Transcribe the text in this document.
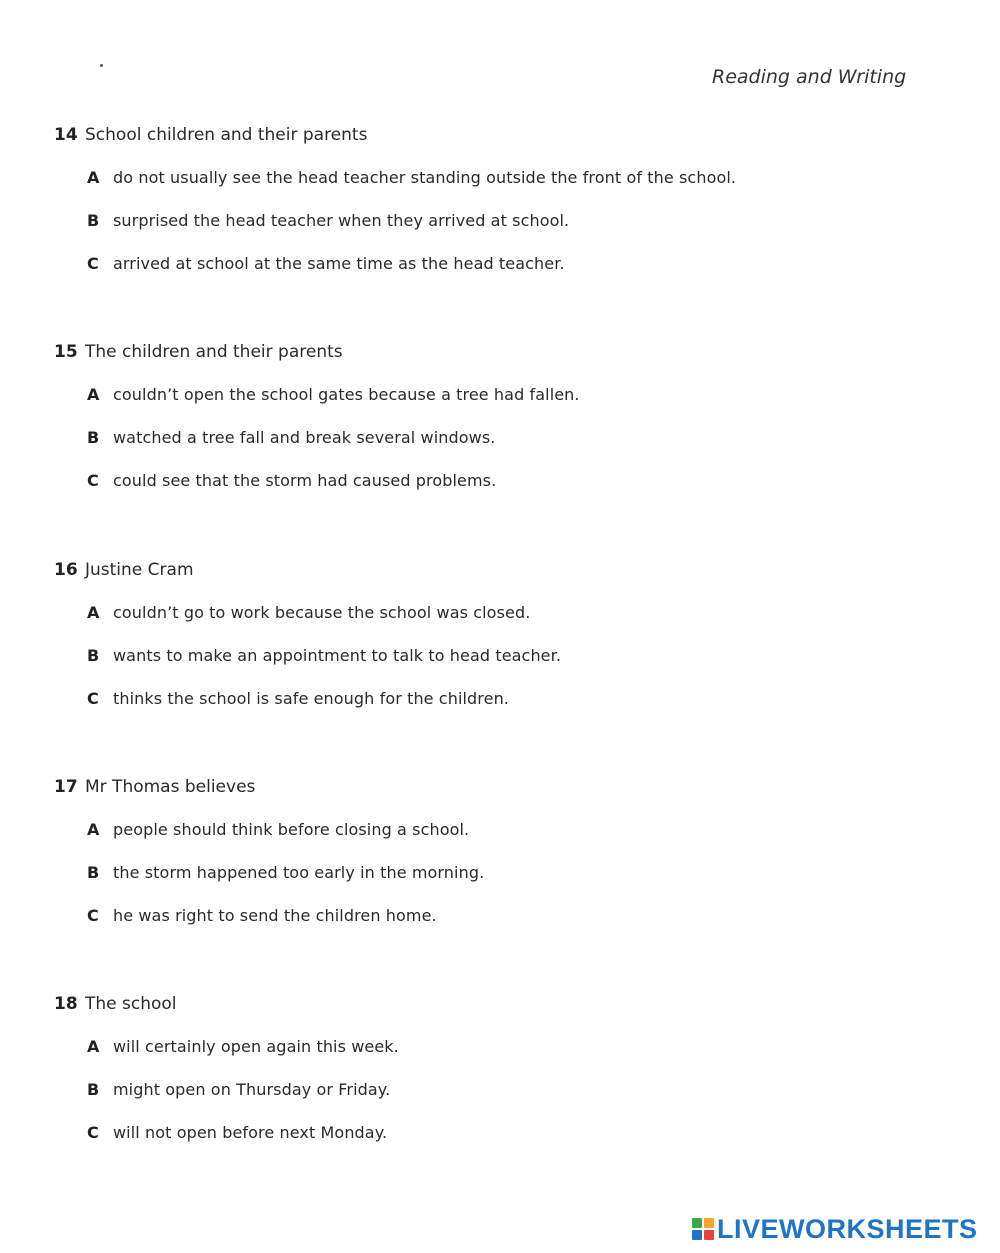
Reading and Writing
14 School children and their parents
A do not usually see the head teacher standing outside the front of the school.
B surprised the head teacher when they arrived at school.
C arrived at school at the same time as the head teacher.
15 The children and their parents
A couldn’t open the school gates because a tree had fallen.
B watched a tree fall and break several windows.
C could see that the storm had caused problems.
16 Justine Cram
A couldn’t go to work because the school was closed.
B wants to make an appointment to talk to head teacher.
C thinks the school is safe enough for the children.
17 Mr Thomas believes
A people should think before closing a school.
B the storm happened too early in the morning.
C he was right to send the children home.
18 The school
A will certainly open again this week.
B might open on Thursday or Friday.
C will not open before next Monday.
LIVEWORKSHEETS
